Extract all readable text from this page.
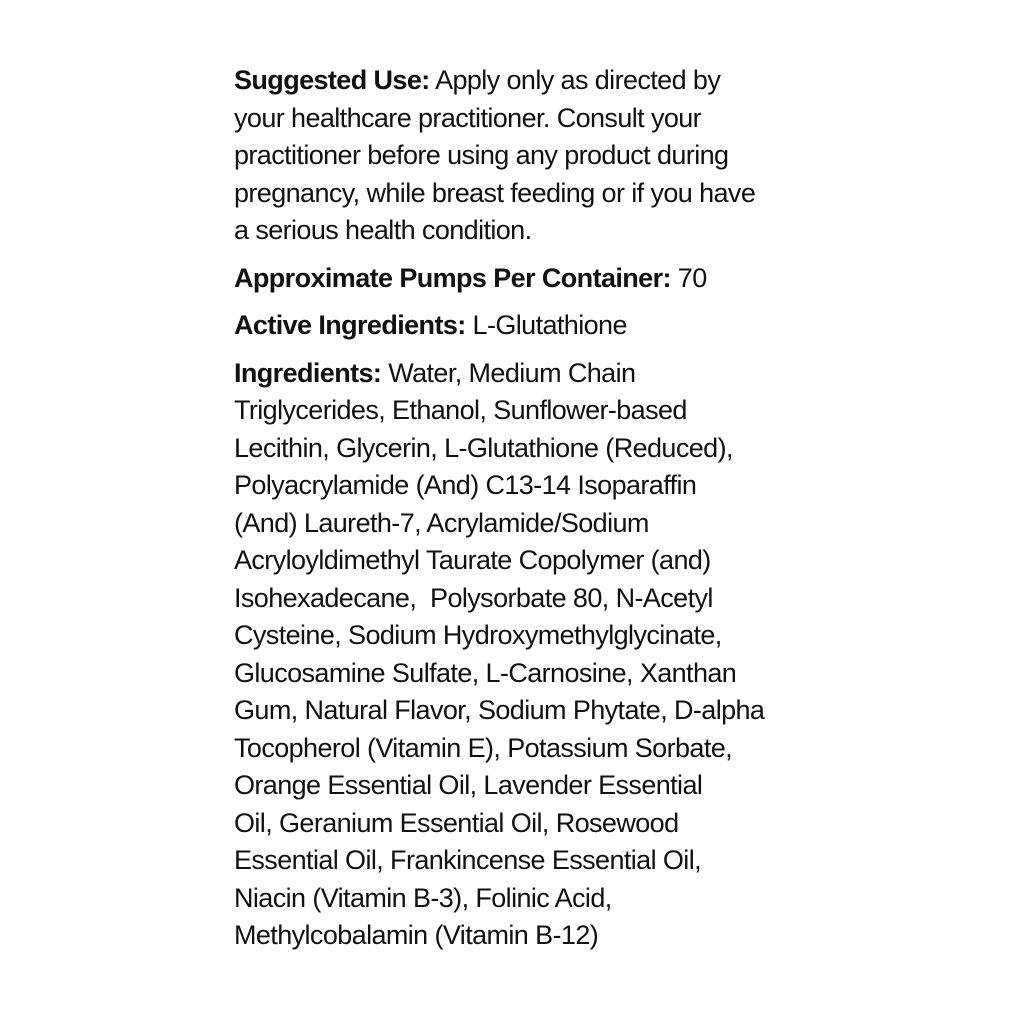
Suggested Use: Apply only as directed by
your healthcare practitioner. Consult your
practitioner before using any product during
pregnancy, while breast feeding or if you have
a serious health condition.

Approximate Pumps Per Container: 70

Active Ingredients: L-Glutathione

Ingredients: Water, Medium Chain
Triglycerides, Ethanol, Sunflower-based
Lecithin, Glycerin, L-Glutathione (Reduced),
Polyacrylamide (And) C13-14 Isoparaffin
(And) Laureth-7, Acrylamide/Sodium
Acryloyldimethyl Taurate Copolymer (and)
Isohexadecane,  Polysorbate 80, N-Acetyl
Cysteine, Sodium Hydroxymethylglycinate,
Glucosamine Sulfate, L-Carnosine, Xanthan
Gum, Natural Flavor, Sodium Phytate, D-alpha
Tocopherol (Vitamin E), Potassium Sorbate,
Orange Essential Oil, Lavender Essential
Oil, Geranium Essential Oil, Rosewood
Essential Oil, Frankincense Essential Oil,
Niacin (Vitamin B-3), Folinic Acid,
Methylcobalamin (Vitamin B-12)
